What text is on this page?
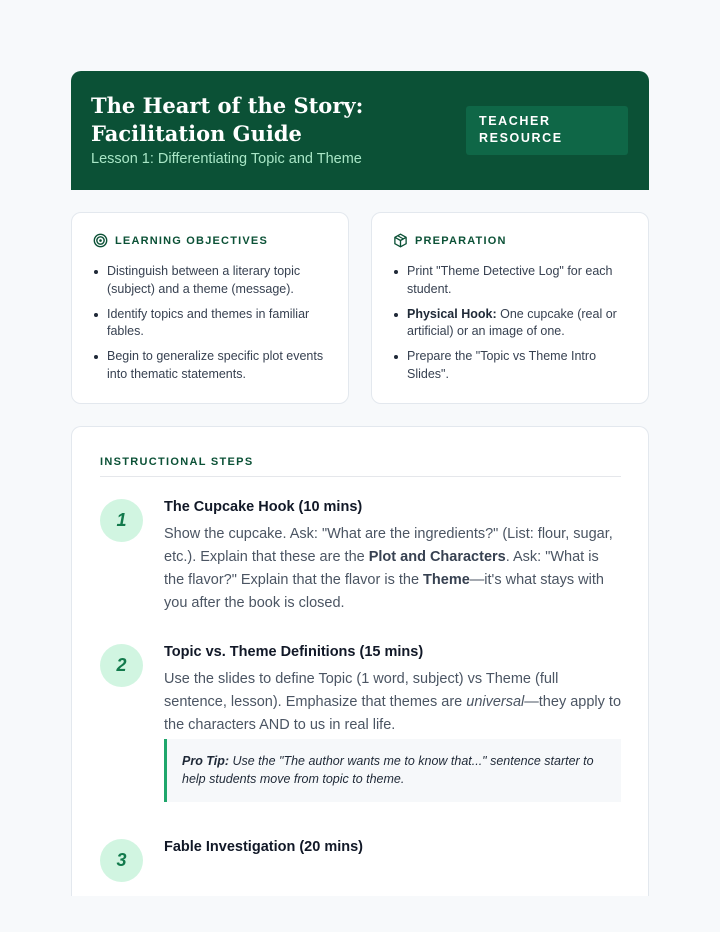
The Heart of the Story: Facilitation Guide
Lesson 1: Differentiating Topic and Theme
TEACHER RESOURCE
LEARNING OBJECTIVES
Distinguish between a literary topic (subject) and a theme (message).
Identify topics and themes in familiar fables.
Begin to generalize specific plot events into thematic statements.
PREPARATION
Print "Theme Detective Log" for each student.
Physical Hook: One cupcake (real or artificial) or an image of one.
Prepare the "Topic vs Theme Intro Slides".
INSTRUCTIONAL STEPS
1
The Cupcake Hook (10 mins)
Show the cupcake. Ask: "What are the ingredients?" (List: flour, sugar, etc.). Explain that these are the Plot and Characters. Ask: "What is the flavor?" Explain that the flavor is the Theme—it's what stays with you after the book is closed.
2
Topic vs. Theme Definitions (15 mins)
Use the slides to define Topic (1 word, subject) vs Theme (full sentence, lesson). Emphasize that themes are universal—they apply to the characters AND to us in real life.
Pro Tip: Use the "The author wants me to know that..." sentence starter to help students move from topic to theme.
3
Fable Investigation (20 mins)
